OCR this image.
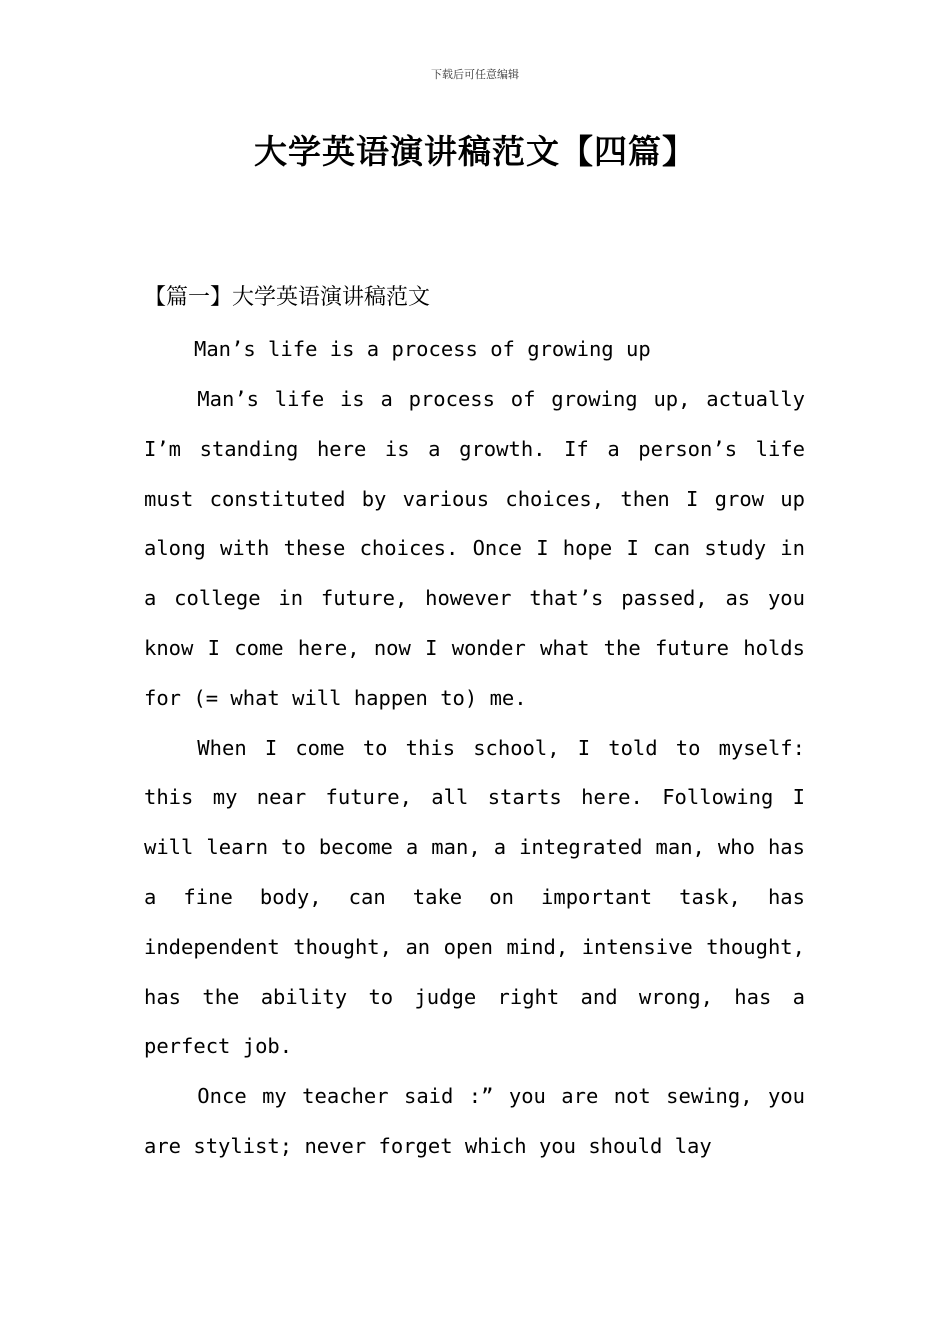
下载后可任意编辑
大学英语演讲稿范文【四篇】
【篇一】大学英语演讲稿范文
Man’s life is a process of growing up

Man’s life is a process of growing up, actually I’m standing here is a growth. If a person’s life must constituted by various choices, then I grow up along with these choices. Once I hope I can study in a college in future, however that’s passed, as you know I come here, now I wonder what the future holds for (= what will happen to) me.

When I come to this school, I told to myself: this my near future, all starts here. Following I will learn to become a man, a integrated man, who has a fine body, can take on important task, has independent thought, an open mind, intensive thought, has the ability to judge right and wrong, has a perfect job.

Once my teacher said :” you are not sewing, you are stylist; never forget which you should lay
